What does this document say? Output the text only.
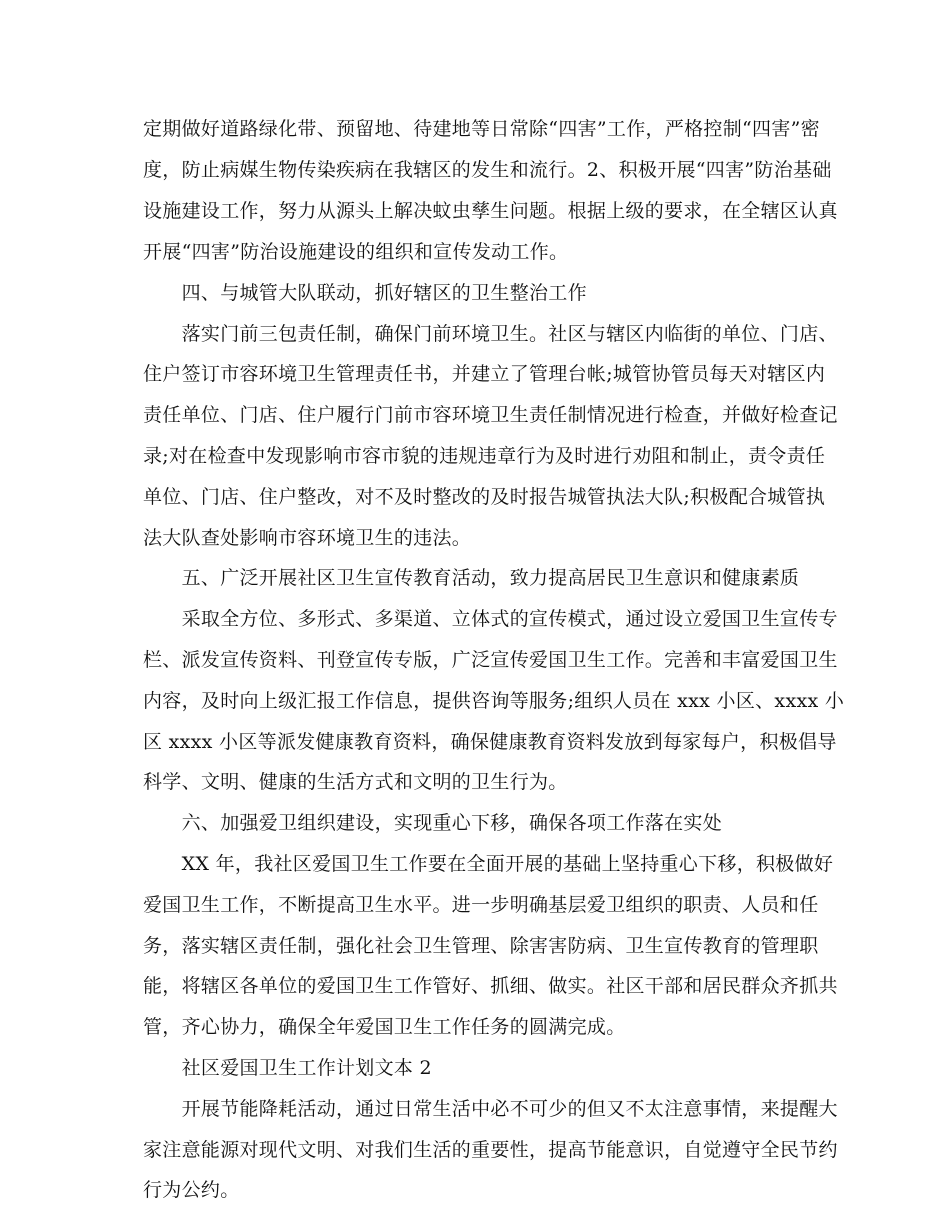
定期做好道路绿化带、预留地、待建地等日常除“四害”工作，严格控制“四害”密
度，防止病媒生物传染疾病在我辖区的发生和流行。2、积极开展“四害”防治基础
设施建设工作，努力从源头上解决蚊虫孳生问题。根据上级的要求，在全辖区认真
开展“四害”防治设施建设的组织和宣传发动工作。
　　四、与城管大队联动，抓好辖区的卫生整治工作
　　落实门前三包责任制，确保门前环境卫生。社区与辖区内临街的单位、门店、
住户签订市容环境卫生管理责任书，并建立了管理台帐;城管协管员每天对辖区内
责任单位、门店、住户履行门前市容环境卫生责任制情况进行检查，并做好检查记
录;对在检查中发现影响市容市貌的违规违章行为及时进行劝阻和制止，责令责任
单位、门店、住户整改，对不及时整改的及时报告城管执法大队;积极配合城管执
法大队查处影响市容环境卫生的违法。
　　五、广泛开展社区卫生宣传教育活动，致力提高居民卫生意识和健康素质
　　采取全方位、多形式、多渠道、立体式的宣传模式，通过设立爱国卫生宣传专
栏、派发宣传资料、刊登宣传专版，广泛宣传爱国卫生工作。完善和丰富爱国卫生
内容，及时向上级汇报工作信息，提供咨询等服务;组织人员在 xxx 小区、xxxx 小
区 xxxx 小区等派发健康教育资料，确保健康教育资料发放到每家每户，积极倡导
科学、文明、健康的生活方式和文明的卫生行为。
　　六、加强爱卫组织建设，实现重心下移，确保各项工作落在实处
　　XX 年，我社区爱国卫生工作要在全面开展的基础上坚持重心下移，积极做好
爱国卫生工作，不断提高卫生水平。进一步明确基层爱卫组织的职责、人员和任
务，落实辖区责任制，强化社会卫生管理、除害害防病、卫生宣传教育的管理职
能，将辖区各单位的爱国卫生工作管好、抓细、做实。社区干部和居民群众齐抓共
管，齐心协力，确保全年爱国卫生工作任务的圆满完成。
　　社区爱国卫生工作计划文本 2
　　开展节能降耗活动，通过日常生活中必不可少的但又不太注意事情，来提醒大
家注意能源对现代文明、对我们生活的重要性，提高节能意识，自觉遵守全民节约
行为公约。
